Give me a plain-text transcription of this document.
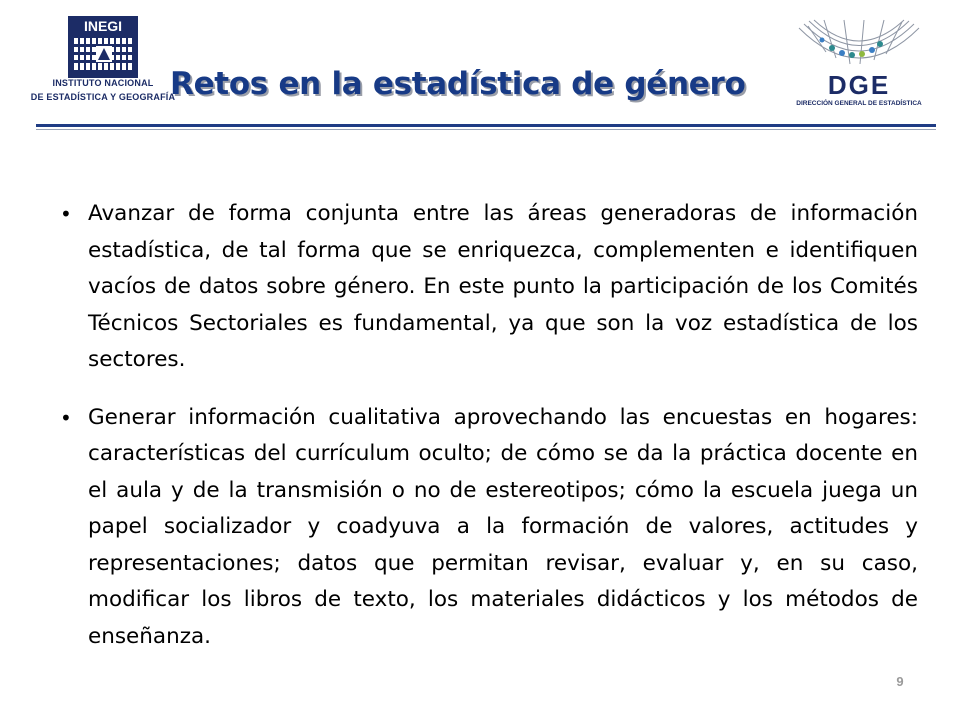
INEGI
INSTITUTO NACIONAL
DE ESTADÍSTICA Y GEOGRAFÍA
Retos en la estadística de género	DGE
DIRECCIÓN GENERAL DE ESTADÍSTICA
• Avanzar de forma conjunta entre las áreas generadoras de información estadística, de tal forma que se enriquezca, complementen e identifiquen vacíos de datos sobre género. En este punto la participación de los Comités Técnicos Sectoriales es fundamental, ya que son la voz estadística de los sectores.

• Generar información cualitativa aprovechando las encuestas en hogares: características del currículum oculto; de cómo se da la práctica docente en el aula y de la transmisión o no de estereotipos; cómo la escuela juega un papel socializador y coadyuva a la formación de valores, actitudes y representaciones; datos que permitan revisar, evaluar y, en su caso, modificar los libros de texto, los materiales didácticos y los métodos de enseñanza.

9
